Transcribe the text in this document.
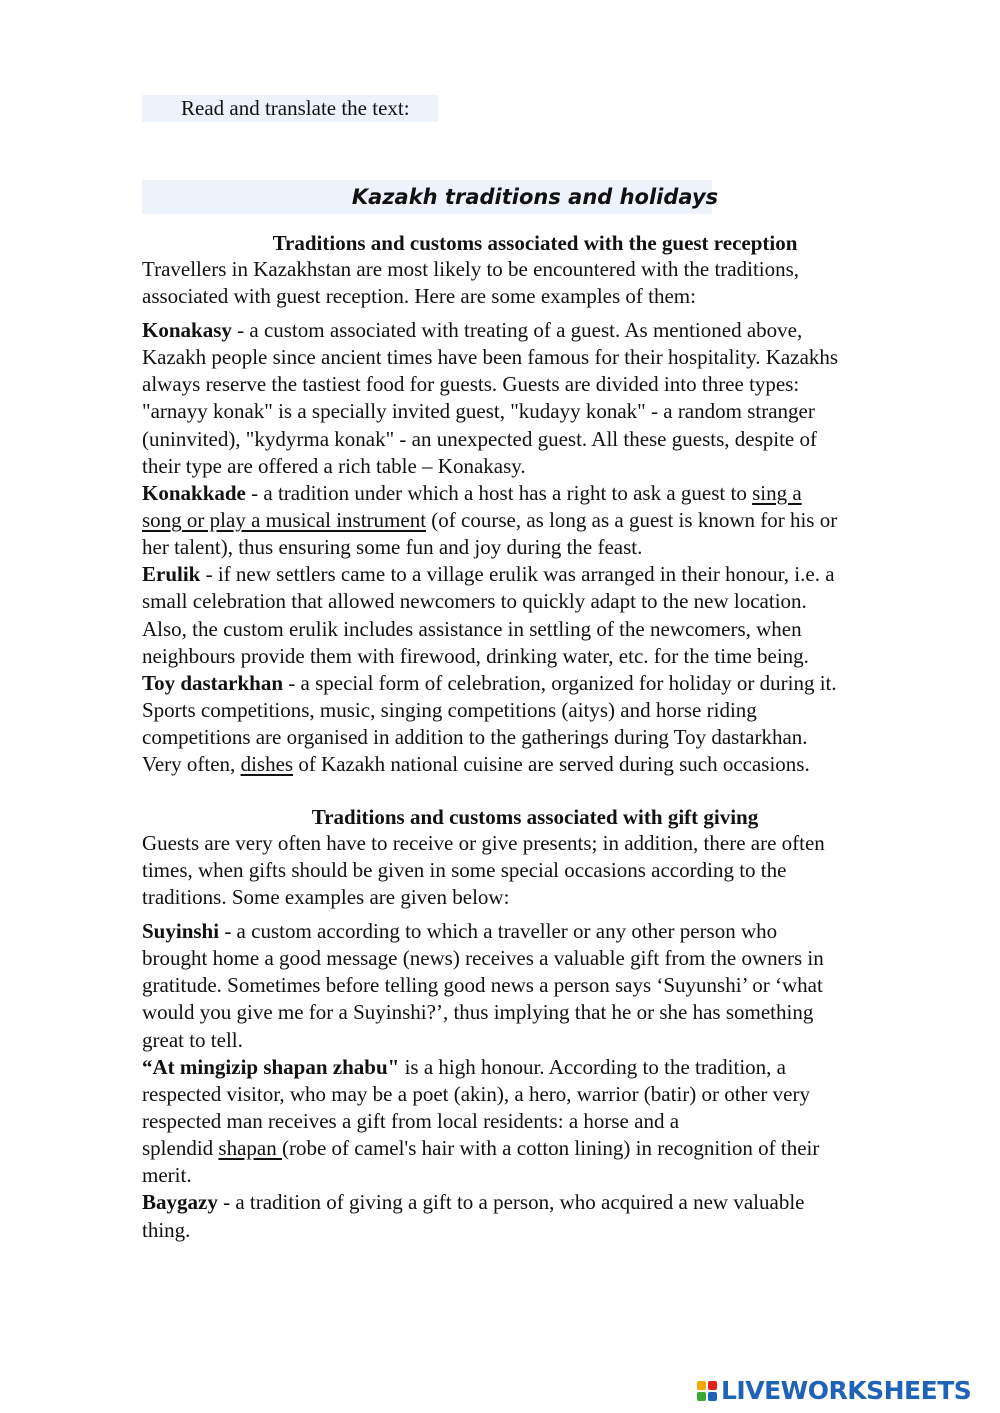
Read and translate the text:
Kazakh traditions and holidays
Traditions and customs associated with the guest reception
Travellers in Kazakhstan are most likely to be encountered with the traditions,
associated with guest reception. Here are some examples of them:
Konakasy - a custom associated with treating of a guest. As mentioned above,
Kazakh people since ancient times have been famous for their hospitality. Kazakhs
always reserve the tastiest food for guests. Guests are divided into three types:
"arnayy konak" is a specially invited guest, "kudayy konak" - a random stranger
(uninvited), "kydyrma konak" - an unexpected guest. All these guests, despite of
their type are offered a rich table – Konakasy.
Konakkade - a tradition under which a host has a right to ask a guest to sing a
song or play a musical instrument (of course, as long as a guest is known for his or
her talent), thus ensuring some fun and joy during the feast.
Erulik - if new settlers came to a village erulik was arranged in their honour, i.e. a
small celebration that allowed newcomers to quickly adapt to the new location.
Also, the custom erulik includes assistance in settling of the newcomers, when
neighbours provide them with firewood, drinking water, etc. for the time being.
Toy dastarkhan - a special form of celebration, organized for holiday or during it.
Sports competitions, music, singing competitions (aitys) and horse riding
competitions are organised in addition to the gatherings during Toy dastarkhan.
Very often, dishes of Kazakh national cuisine are served during such occasions.
Traditions and customs associated with gift giving
Guests are very often have to receive or give presents; in addition, there are often
times, when gifts should be given in some special occasions according to the
traditions. Some examples are given below:
Suyinshi - a custom according to which a traveller or any other person who
brought home a good message (news) receives a valuable gift from the owners in
gratitude. Sometimes before telling good news a person says ‘Suyunshi’ or ‘what
would you give me for a Suyinshi?’, thus implying that he or she has something
great to tell.
“At mingizip shapan zhabu" is a high honour. According to the tradition, a
respected visitor, who may be a poet (akin), a hero, warrior (batir) or other very
respected man receives a gift from local residents: a horse and a
splendid shapan (robe of camel's hair with a cotton lining) in recognition of their
merit.
Baygazy - a tradition of giving a gift to a person, who acquired a new valuable
thing.
LIVEWORKSHEETS
